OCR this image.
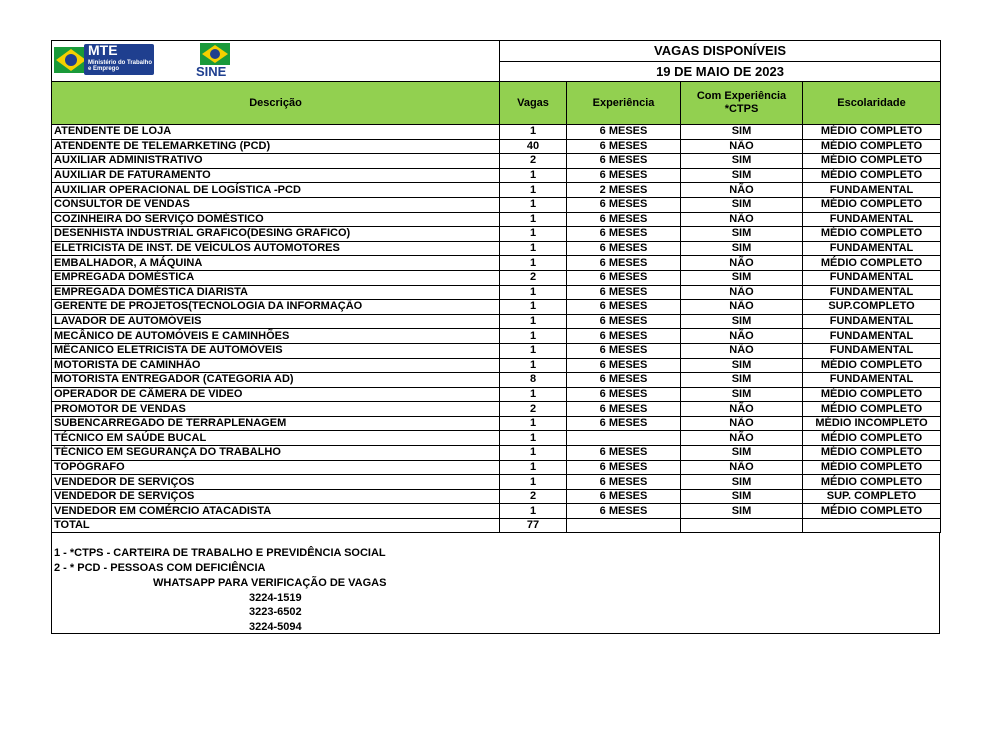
MTE
Ministério do Trabalho e Emprego SINE	VAGAS DISPONÍVEIS			
	19 DE MAIO DE 2023			
Descrição	Vagas	Experiência	Com Experiência *CTPS	Escolaridade
ATENDENTE DE LOJA	1	6 MESES	SIM	MÉDIO COMPLETO
ATENDENTE DE TELEMARKETING (PCD)	40	6 MESES	NÃO	MÉDIO COMPLETO
AUXILIAR ADMINISTRATIVO	2	6 MESES	SIM	MÉDIO COMPLETO
AUXILIAR DE FATURAMENTO	1	6 MESES	SIM	MÉDIO COMPLETO
AUXILIAR OPERACIONAL DE LOGÍSTICA -PCD	1	2 MESES	NÃO	FUNDAMENTAL
CONSULTOR DE VENDAS	1	6 MESES	SIM	MÉDIO COMPLETO
COZINHEIRA DO SERVIÇO DOMÉSTICO	1	6 MESES	NÃO	FUNDAMENTAL
DESENHISTA INDUSTRIAL GRAFICO(DESING GRAFICO)	1	6 MESES	SIM	MÉDIO COMPLETO
ELETRICISTA DE INST. DE VEÍCULOS AUTOMOTORES	1	6 MESES	SIM	FUNDAMENTAL
EMBALHADOR, A MÁQUINA	1	6 MESES	NÃO	MÉDIO COMPLETO
EMPREGADA DOMÉSTICA	2	6 MESES	SIM	FUNDAMENTAL
EMPREGADA DOMÉSTICA DIARISTA	1	6 MESES	NÃO	FUNDAMENTAL
GERENTE DE PROJETOS(TECNOLOGIA DA INFORMAÇÃO	1	6 MESES	NÃO	SUP.COMPLETO
LAVADOR DE AUTOMÓVEIS	1	6 MESES	SIM	FUNDAMENTAL
MECÂNICO DE AUTOMÓVEIS E CAMINHÕES	1	6 MESES	NÃO	FUNDAMENTAL
MÊCANICO ELETRICISTA DE AUTOMÓVEIS	1	6 MESES	NÃO	FUNDAMENTAL
MOTORISTA DE CAMINHÃO	1	6 MESES	SIM	MÉDIO COMPLETO
MOTORISTA ENTREGADOR (CATEGORIA AD)	8	6 MESES	SIM	FUNDAMENTAL
OPERADOR DE CÂMERA DE VIDEO	1	6 MESES	SIM	MÉDIO COMPLETO
PROMOTOR DE VENDAS	2	6 MESES	NÃO	MÉDIO COMPLETO
SUBENCARREGADO DE TERRAPLENAGEM	1	6 MESES	NÃO	MÉDIO INCOMPLETO
TÉCNICO EM SAÚDE BUCAL	1		NÃO	MÉDIO COMPLETO
TÉCNICO EM SEGURANÇA DO TRABALHO	1	6 MESES	SIM	MÉDIO COMPLETO
TOPÓGRAFO	1	6 MESES	NÃO	MÉDIO COMPLETO
VENDEDOR DE SERVIÇOS	1	6 MESES	SIM	MÉDIO COMPLETO
VENDEDOR DE SERVIÇOS	2	6 MESES	SIM	SUP. COMPLETO
VENDEDOR EM COMÉRCIO ATACADISTA	1	6 MESES	SIM	MÉDIO COMPLETO
TOTAL	77			
1 - *CTPS - CARTEIRA DE TRABALHO E PREVIDÊNCIA SOCIAL
2 - * PCD - PESSOAS COM DEFICIÊNCIA
WHATSAPP PARA VERIFICAÇÃO DE VAGAS
3224-1519
3223-6502
3224-5094
